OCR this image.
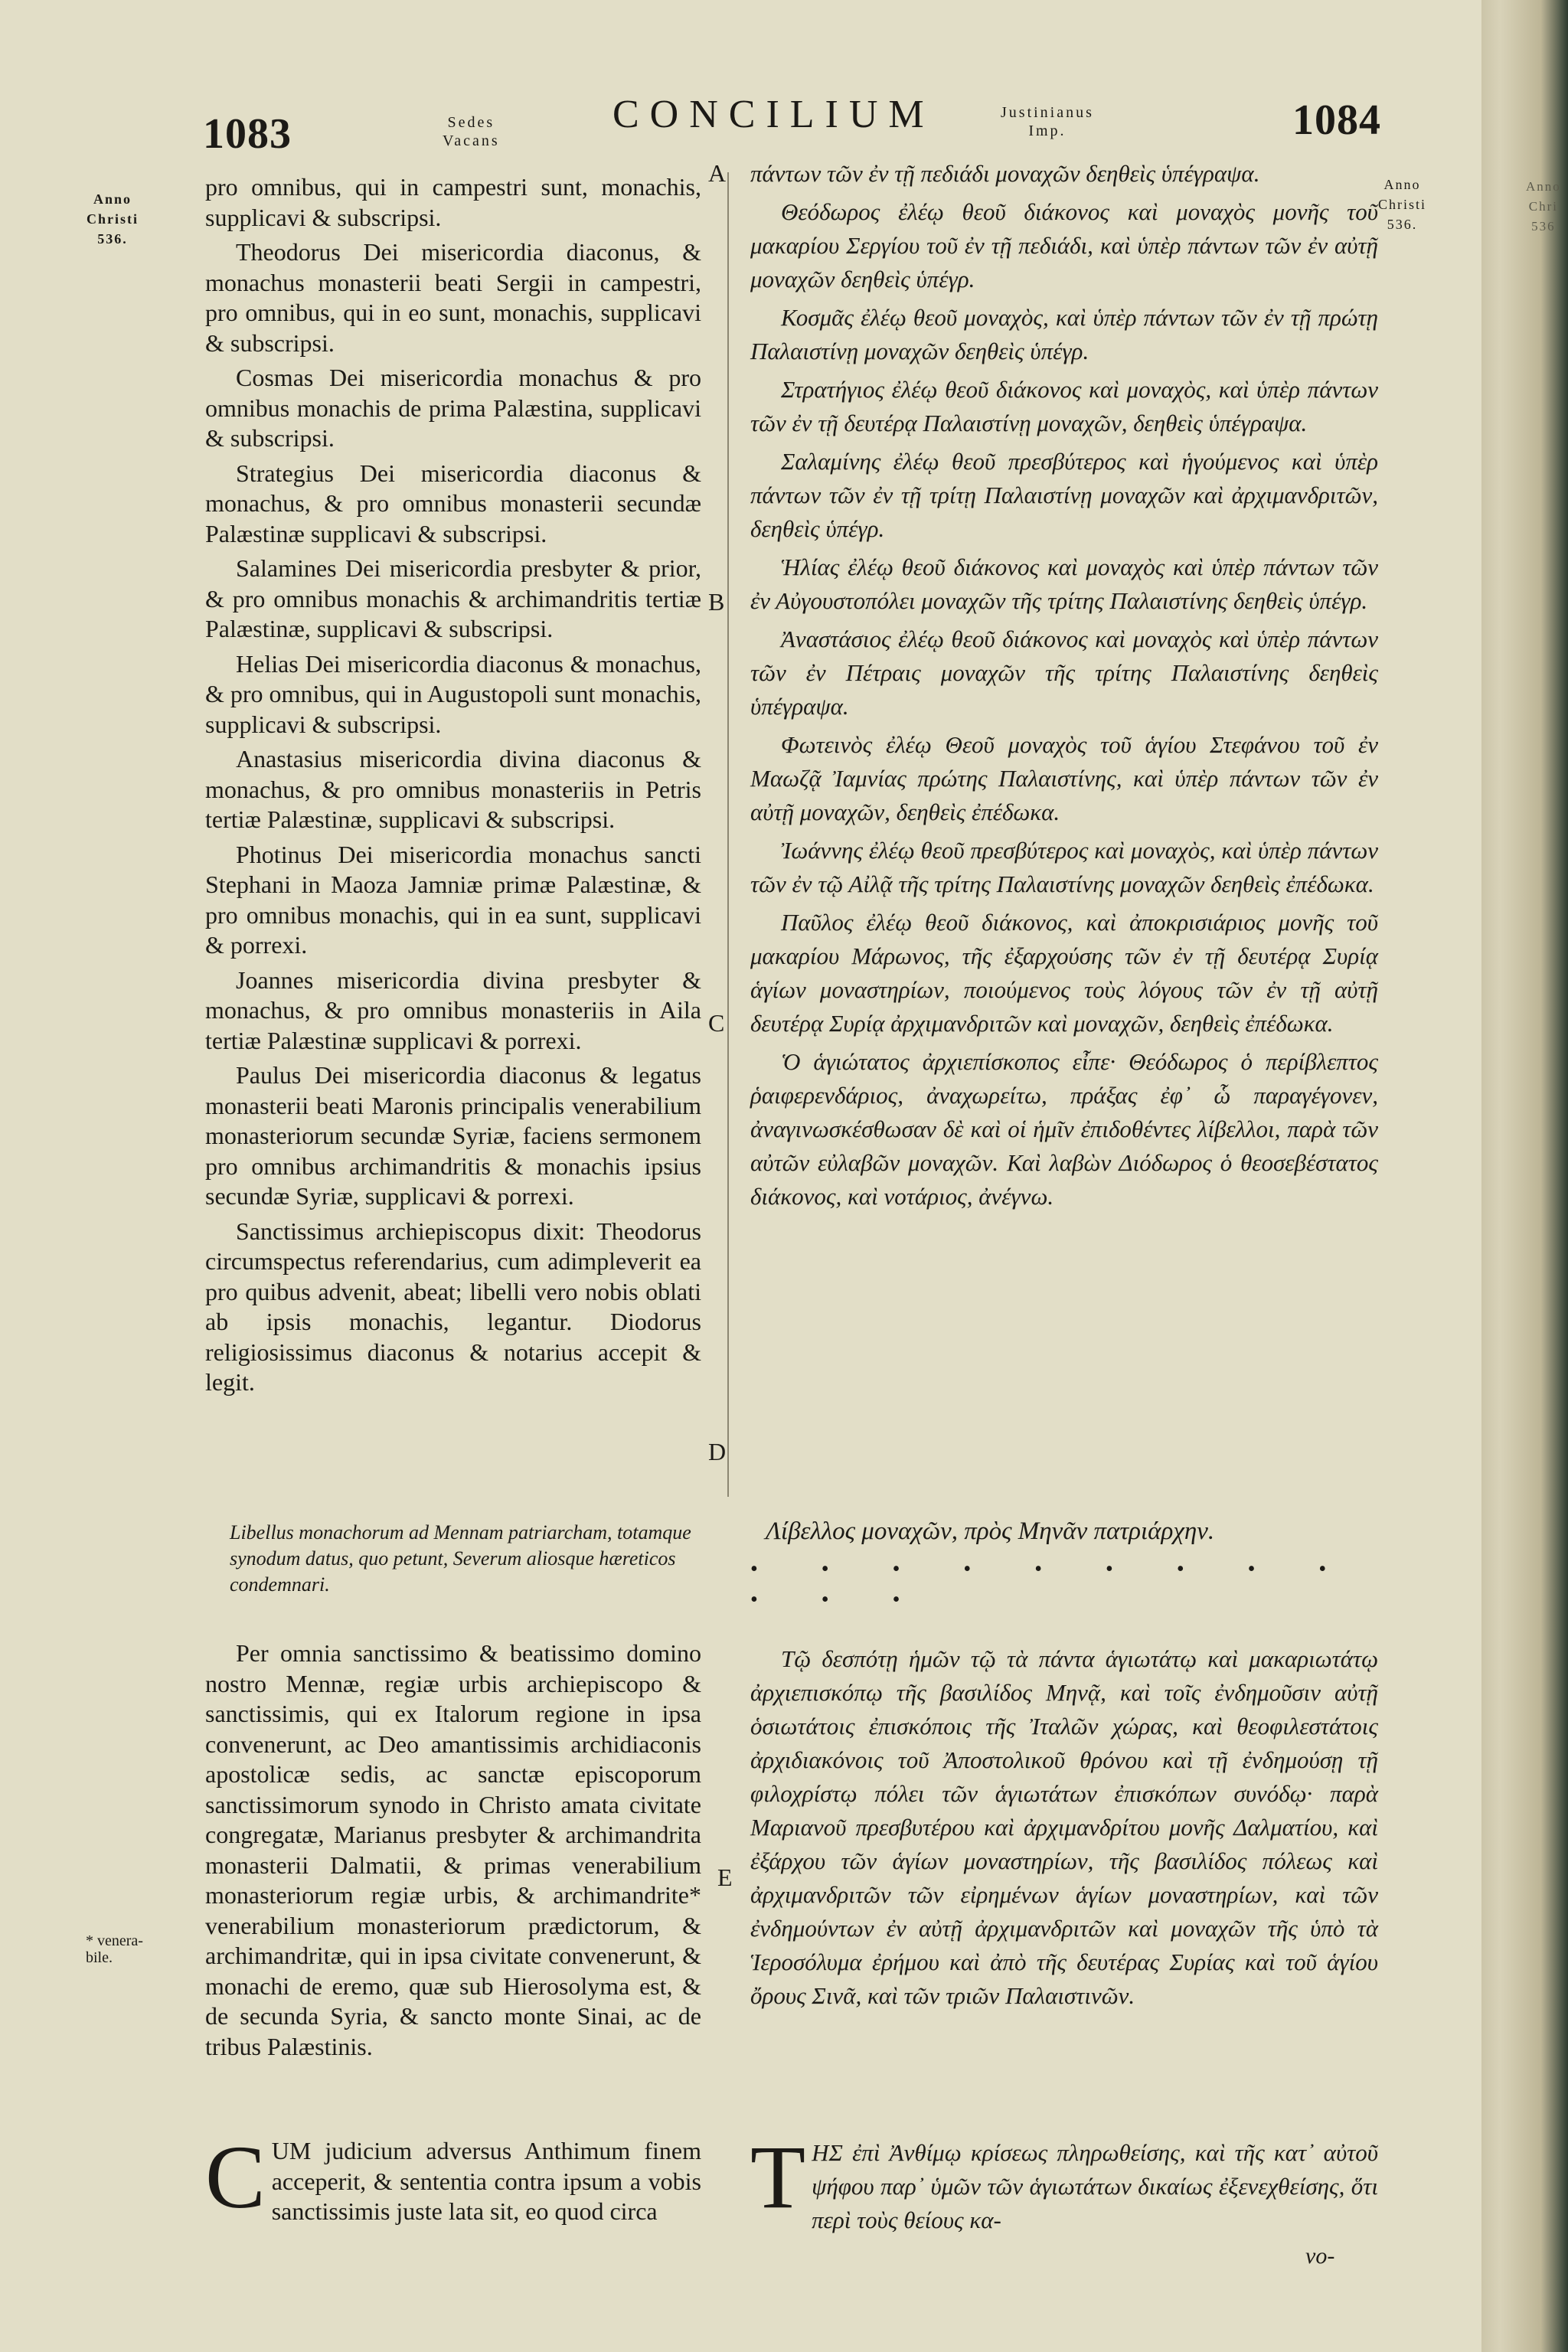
1083	Sedes
Vacans
CONCILIUM	Justinianus
Imp.	1084
Anno
Christi
536.
Anno
Christi
536.
* venera-
bile.
A
B
C
D
E

pro omnibus, qui in campestri sunt, monachis, supplicavi & subscripsi.

Theodorus Dei misericordia diaconus, & monachus monasterii beati Sergii in campestri, pro omnibus, qui in eo sunt, monachis, supplicavi & subscripsi.

Cosmas Dei misericordia monachus & pro omnibus monachis de prima Palæstina, supplicavi & subscripsi.

Strategius Dei misericordia diaconus & monachus, & pro omnibus monasterii secundæ Palæstinæ supplicavi & subscripsi.

Salamines Dei misericordia presbyter & prior, & pro omnibus monachis & archimandritis tertiæ Palæstinæ, supplicavi & subscripsi.

Helias Dei misericordia diaconus & monachus, & pro omnibus, qui in Augustopoli sunt monachis, supplicavi & subscripsi.

Anastasius misericordia divina diaconus & monachus, & pro omnibus monasteriis in Petris tertiæ Palæstinæ, supplicavi & subscripsi.

Photinus Dei misericordia monachus sancti Stephani in Maoza Jamniæ primæ Palæstinæ, & pro omnibus monachis, qui in ea sunt, supplicavi & porrexi.

Joannes misericordia divina presbyter & monachus, & pro omnibus monasteriis in Aila tertiæ Palæstinæ supplicavi & porrexi.

Paulus Dei misericordia diaconus & legatus monasterii beati Maronis principalis venerabilium monasteriorum secundæ Syriæ, faciens sermonem pro omnibus archimandritis & monachis ipsius secundæ Syriæ, supplicavi & porrexi.

Sanctissimus archiepiscopus dixit: Theodorus circumspectus referendarius, cum adimpleverit ea pro quibus advenit, abeat; libelli vero nobis oblati ab ipsis monachis, legantur. Diodorus religiosissimus diaconus & notarius accepit & legit.

Libellus monachorum ad Mennam patriarcham, totamque synodum datus, quo petunt, Severum aliosque hæreticos condemnari.

Per omnia sanctissimo & beatissimo domino nostro Mennæ, regiæ urbis archiepiscopo & sanctissimis, qui ex Italorum regione in ipsa convenerunt, ac Deo amantissimis archidiaconis apostolicæ sedis, ac sanctæ episcoporum sanctissimorum synodo in Christo amata civitate congregatæ, Marianus presbyter & archimandrita monasterii Dalmatii, & primas venerabilium monasteriorum regiæ urbis, & archimandrite* venerabilium monasteriorum prædictorum, & archimandritæ, qui in ipsa civitate convenerunt, & monachi de eremo, quæ sub Hierosolyma est, & de secunda Syria, & sancto monte Sinai, ac de tribus Palæstinis.

CUM judicium adversus Anthimum finem acceperit, & sententia contra ipsum a vobis sanctissimis juste lata sit, eo quod circa

πάντων τῶν ἐν τῇ πεδιάδι μοναχῶν δεηθεὶς ὑπέγραψα.

Θεόδωρος ἐλέῳ θεοῦ διάκονος καὶ μοναχὸς μονῆς τοῦ μακαρίου Σεργίου τοῦ ἐν τῇ πεδιάδι, καὶ ὑπὲρ πάντων τῶν ἐν αὐτῇ μοναχῶν δεηθεὶς ὑπέγρ.

Κοσμᾶς ἐλέῳ θεοῦ μοναχὸς, καὶ ὑπὲρ πάντων τῶν ἐν τῇ πρώτῃ Παλαιστίνῃ μοναχῶν δεηθεὶς ὑπέγρ.

Στρατήγιος ἐλέῳ θεοῦ διάκονος καὶ μοναχὸς, καὶ ὑπὲρ πάντων τῶν ἐν τῇ δευτέρᾳ Παλαιστίνῃ μοναχῶν, δεηθεὶς ὑπέγραψα.

Σαλαμίνης ἐλέῳ θεοῦ πρεσβύτερος καὶ ἡγούμενος καὶ ὑπὲρ πάντων τῶν ἐν τῇ τρίτῃ Παλαιστίνῃ μοναχῶν καὶ ἀρχιμανδριτῶν, δεηθεὶς ὑπέγρ.

Ἡλίας ἐλέῳ θεοῦ διάκονος καὶ μοναχὸς καὶ ὑπὲρ πάντων τῶν ἐν Αὐγουστοπόλει μοναχῶν τῆς τρίτης Παλαιστίνης δεηθεὶς ὑπέγρ.

Ἀναστάσιος ἐλέῳ θεοῦ διάκονος καὶ μοναχὸς καὶ ὑπὲρ πάντων τῶν ἐν Πέτραις μοναχῶν τῆς τρίτης Παλαιστίνης δεηθεὶς ὑπέγραψα.

Φωτεινὸς ἐλέῳ Θεοῦ μοναχὸς τοῦ ἁγίου Στεφάνου τοῦ ἐν Μαωζᾷ Ἰαμνίας πρώτης Παλαιστίνης, καὶ ὑπὲρ πάντων τῶν ἐν αὐτῇ μοναχῶν, δεηθεὶς ἐπέδωκα.

Ἰωάννης ἐλέῳ θεοῦ πρεσβύτερος καὶ μοναχὸς, καὶ ὑπὲρ πάντων τῶν ἐν τῷ Αἰλᾷ τῆς τρίτης Παλαιστίνης μοναχῶν δεηθεὶς ἐπέδωκα.

Παῦλος ἐλέῳ θεοῦ διάκονος, καὶ ἀποκρισιάριος μονῆς τοῦ μακαρίου Μάρωνος, τῆς ἐξαρχούσης τῶν ἐν τῇ δευτέρᾳ Συρίᾳ ἁγίων μοναστηρίων, ποιούμενος τοὺς λόγους τῶν ἐν τῇ αὐτῇ δευτέρᾳ Συρίᾳ ἀρχιμανδριτῶν καὶ μοναχῶν, δεηθεὶς ἐπέδωκα.

Ὁ ἁγιώτατος ἀρχιεπίσκοπος εἶπε· Θεόδωρος ὁ περίβλεπτος ῥαιφερενδάριος, ἀναχωρείτω, πράξας ἐφ᾽ ὧ παραγέγονεν, ἀναγινωσκέσθωσαν δὲ καὶ οἱ ἡμῖν ἐπιδοθέντες λίβελλοι, παρὰ τῶν αὐτῶν εὐλαβῶν μοναχῶν. Καὶ λαβὼν Διόδωρος ὁ θεοσεβέστατος διάκονος, καὶ νοτάριος, ἀνέγνω.

Λίβελλος μοναχῶν, πρὸς Μηνᾶν πατριάρχην.

• • • • • • • • • • • •

Τῷ δεσπότῃ ἡμῶν τῷ τὰ πάντα ἁγιωτάτῳ καὶ μακαριωτάτῳ ἀρχιεπισκόπῳ τῆς βασιλίδος Μηνᾷ, καὶ τοῖς ἐνδημοῦσιν αὐτῇ ὁσιωτάτοις ἐπισκόποις τῆς Ἰταλῶν χώρας, καὶ θεοφιλεστάτοις ἀρχιδιακόνοις τοῦ Ἀποστολικοῦ θρόνου καὶ τῇ ἐνδημούσῃ τῇ φιλοχρίστῳ πόλει τῶν ἁγιωτάτων ἐπισκόπων συνόδῳ· παρὰ Μαριανοῦ πρεσβυτέρου καὶ ἀρχιμανδρίτου μονῆς Δαλματίου, καὶ ἐξάρχου τῶν ἁγίων μοναστηρίων, τῆς βασιλίδος πόλεως καὶ ἀρχιμανδριτῶν τῶν εἰρημένων ἁγίων μοναστηρίων, καὶ τῶν ἐνδημούντων ἐν αὐτῇ ἀρχιμανδριτῶν καὶ μοναχῶν τῆς ὑπὸ τὰ Ἱεροσόλυμα ἐρήμου καὶ ἀπὸ τῆς δευτέρας Συρίας καὶ τοῦ ἁγίου ὄρους Σινᾶ, καὶ τῶν τριῶν Παλαιστινῶν.

ΤΗΣ ἐπὶ Ἀνθίμῳ κρίσεως πληρωθείσης, καὶ τῆς κατ᾽ αὐτοῦ ψήφου παρ᾽ ὑμῶν τῶν ἁγιωτάτων δικαίως ἐξενεχθείσης, ὅτι περὶ τοὺς θείους κα-

νο-
Anno
Chri
536
